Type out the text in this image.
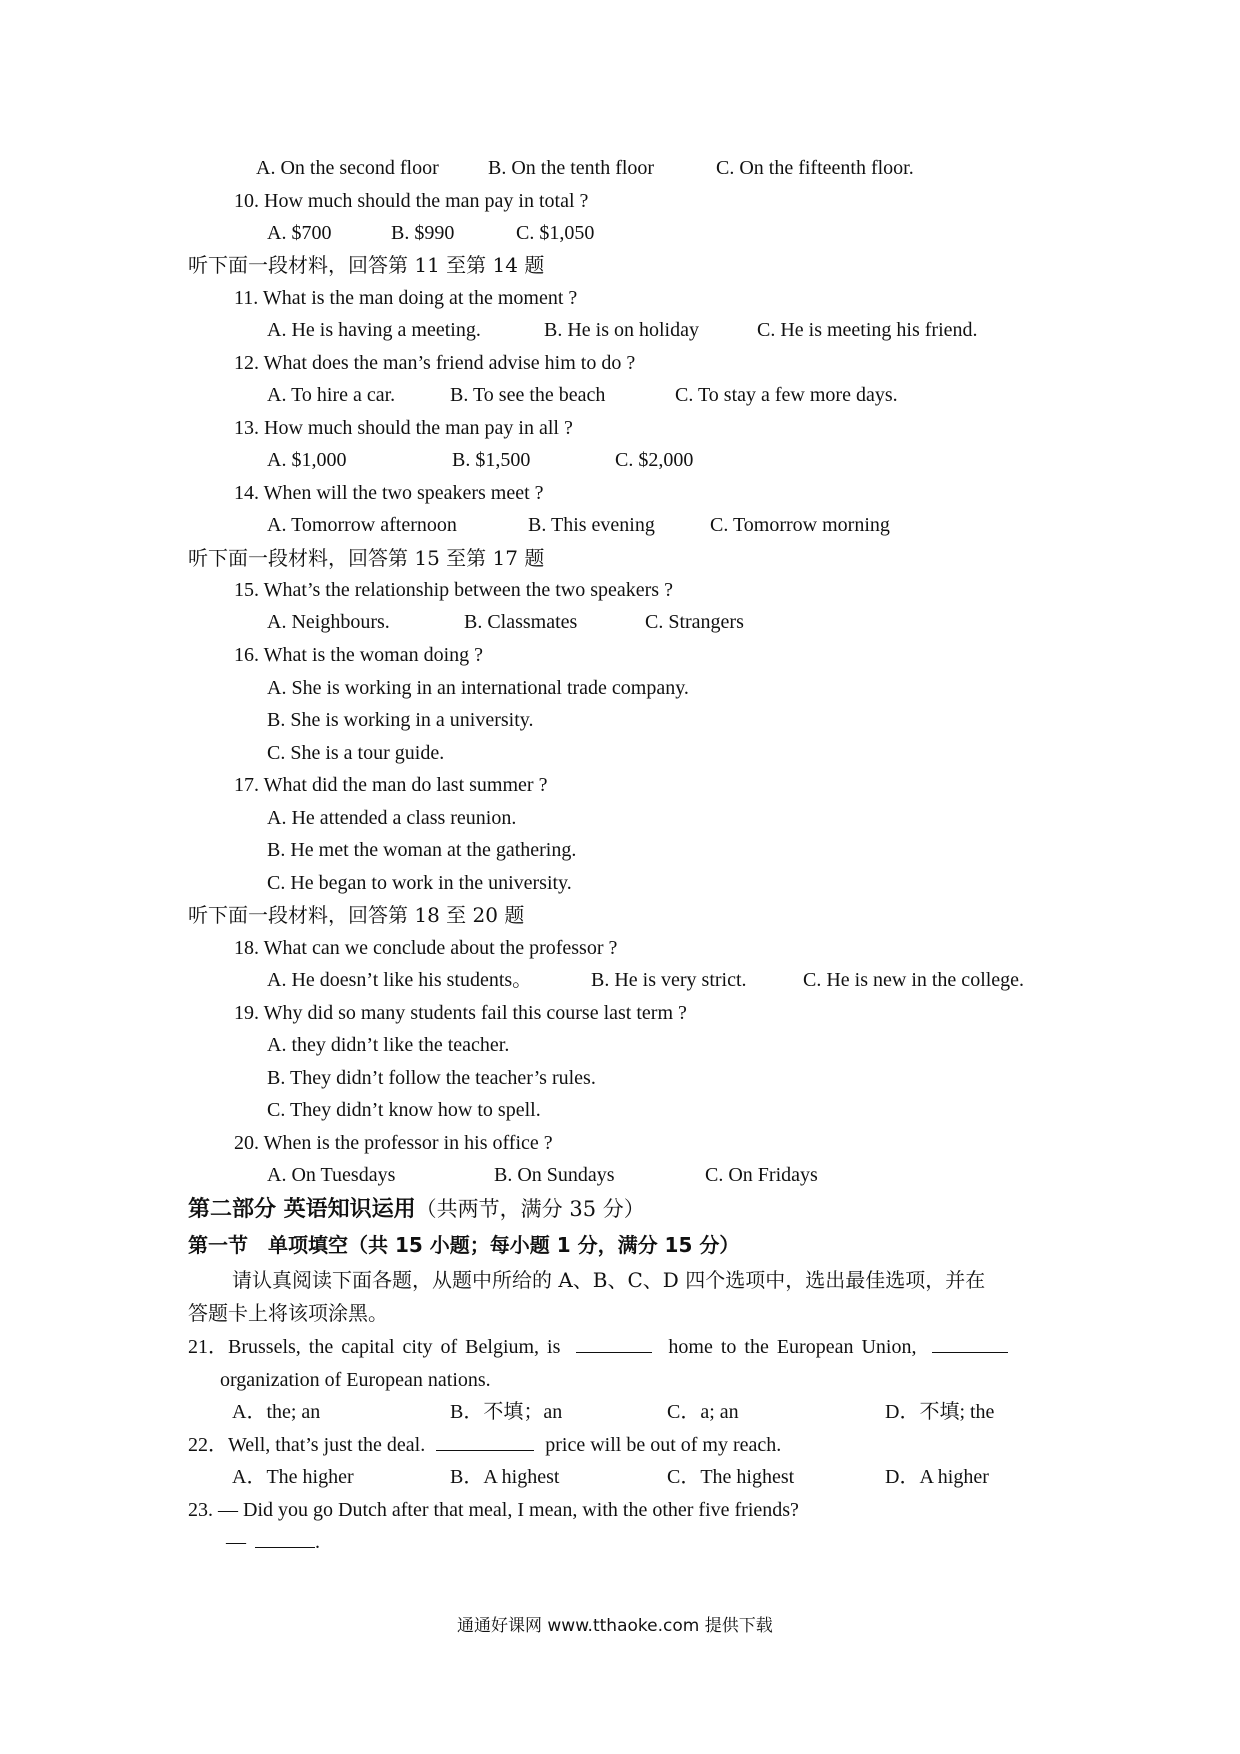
A. On the second floor B. On the tenth floor	C. On the fifteenth floor.
10. How much should the man pay in total ?
A. $700	B. $990	C. $1,050
听下面一段材料，回答第 11 至第 14 题
11. What is the man doing at the moment ?
A. He is having a meeting.	B. He is on holiday	C. He is meeting his friend.
12. What does the man’s friend advise him to do ?
A. To hire a car.	B. To see the beach	C. To stay a few more days.
13. How much should the man pay in all ?
A. $1,000	B. $1,500	C. $2,000
14. When will the two speakers meet ?
A. Tomorrow afternoon	B. This evening	C. Tomorrow morning
听下面一段材料，回答第 15 至第 17 题
15. What’s the relationship between the two speakers ?
A. Neighbours.	B. Classmates	C. Strangers
16. What is the woman doing ?
A. She is working in an international trade company.
B. She is working in a university.
C. She is a tour guide.
17. What did the man do last summer ?
A. He attended a class reunion.
B. He met the woman at the gathering.
C. He began to work in the university.
听下面一段材料，回答第 18 至 20 题
18. What can we conclude about the professor ?
A. He doesn’t like his students。	B. He is very strict.	C. He is new in the college.
19. Why did so many students fail this course last term ?
A. they didn’t like the teacher.
B. They didn’t follow the teacher’s rules.
C. They didn’t know how to spell.
20. When is the professor in his office ?
A. On Tuesdays	B. On Sundays	C. On Fridays
第二部分 英语知识运用（共两节，满分 35 分）
第一节　单项填空（共 15 小题；每小题 1 分，满分 15 分）
请认真阅读下面各题，从题中所给的 A、B、C、D 四个选项中，选出最佳选项，并在
答题卡上将该项涂黑。
21．Brussels, the capital city of Belgium, is	home to the European Union,
organization of European nations.
A．the; an	B．不填；an	C．a; an	D．不填; the
22．Well, that’s just the deal.	price will be out of my reach.
A．The higher	B．A highest	C．The highest	D．A higher
23. — Did you go Dutch after that meal, I mean, with the other five friends?
—	.
通通好课网 www.tthaoke.com 提供下载
